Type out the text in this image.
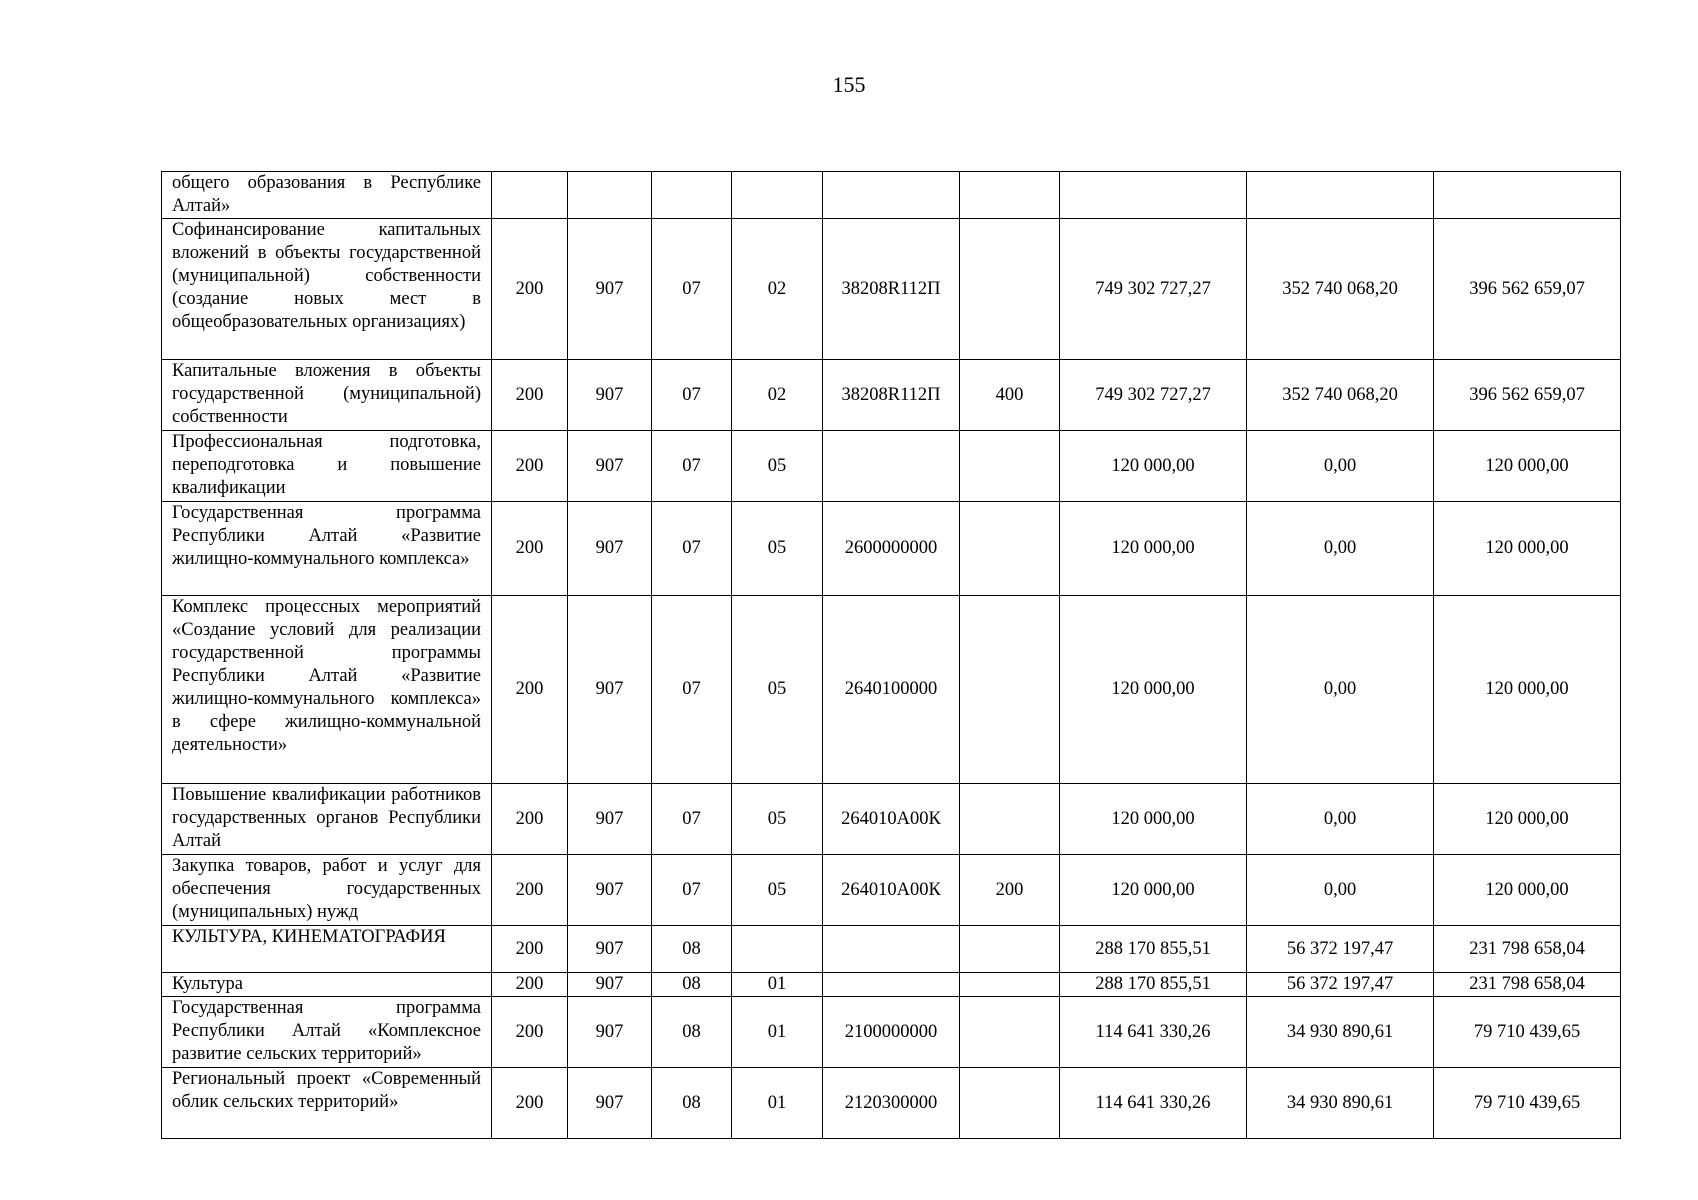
155
общего образования в Республике Алтай»									
Софинансирование капитальных вложений в объекты государственной (муниципальной) собственности (создание новых мест в общеобразовательных организациях)	200	907	07	02	38208R112П		749 302 727,27	352 740 068,20	396 562 659,07
Капитальные вложения в объекты государственной (муниципальной) собственности	200	907	07	02	38208R112П	400	749 302 727,27	352 740 068,20	396 562 659,07
Профессиональная подготовка, переподготовка и повышение квалификации	200	907	07	05			120 000,00	0,00	120 000,00
Государственная программа Республики Алтай «Развитие жилищно-коммунального комплекса»	200	907	07	05	2600000000		120 000,00	0,00	120 000,00
Комплекс процессных мероприятий «Создание условий для реализации государственной программы Республики Алтай «Развитие жилищно-коммунального комплекса» в сфере жилищно-коммунальной деятельности»	200	907	07	05	2640100000		120 000,00	0,00	120 000,00
Повышение квалификации работников государственных органов Республики Алтай	200	907	07	05	264010А00К		120 000,00	0,00	120 000,00
Закупка товаров, работ и услуг для обеспечения государственных (муниципальных) нужд	200	907	07	05	264010А00К	200	120 000,00	0,00	120 000,00
КУЛЬТУРА, КИНЕМАТОГРАФИЯ	200	907	08				288 170 855,51	56 372 197,47	231 798 658,04
Культура	200	907	08	01			288 170 855,51	56 372 197,47	231 798 658,04
Государственная программа Республики Алтай «Комплексное развитие сельских территорий»	200	907	08	01	2100000000		114 641 330,26	34 930 890,61	79 710 439,65
Региональный проект «Современный облик сельских территорий»	200	907	08	01	2120300000		114 641 330,26	34 930 890,61	79 710 439,65
